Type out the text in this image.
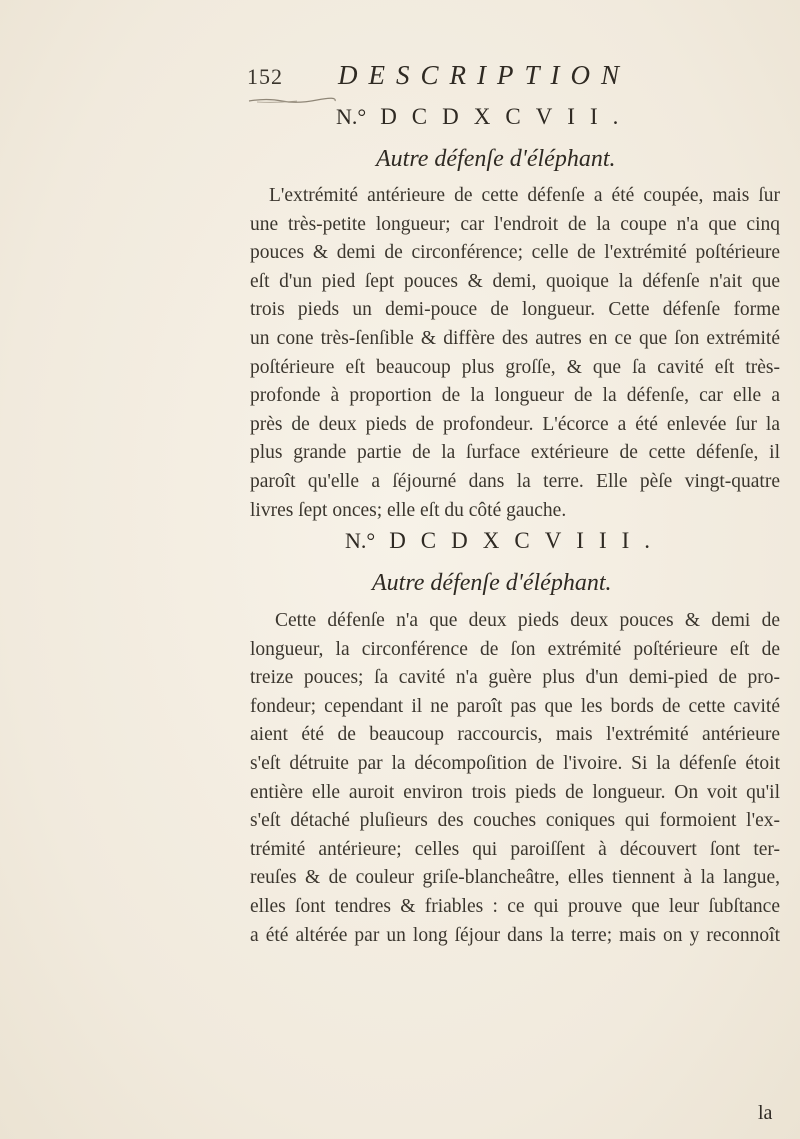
152 DESCRIPTION
N.° DCDXCVII.
Autre défenſe d'éléphant.
L'extrémité antérieure de cette défenſe a été coupée, mais ſur
une très-petite longueur; car l'endroit de la coupe n'a que cinq
pouces & demi de circonférence; celle de l'extrémité poſtérieure
eſt d'un pied ſept pouces & demi, quoique la défenſe n'ait que
trois pieds un demi-pouce de longueur. Cette défenſe forme
un cone très-ſenſible & diffère des autres en ce que ſon extrémité
poſtérieure eſt beaucoup plus groſſe, & que ſa cavité eſt très-
profonde à proportion de la longueur de la défenſe, car elle a
près de deux pieds de profondeur. L'écorce a été enlevée ſur la
plus grande partie de la ſurface extérieure de cette défenſe, il
paroît qu'elle a ſéjourné dans la terre. Elle pèſe vingt-quatre
livres ſept onces; elle eſt du côté gauche.
N.° DCDXCVIII.
Autre défenſe d'éléphant.
Cette défenſe n'a que deux pieds deux pouces & demi de
longueur, la circonférence de ſon extrémité poſtérieure eſt de
treize pouces; ſa cavité n'a guère plus d'un demi-pied de pro-
fondeur; cependant il ne paroît pas que les bords de cette cavité
aient été de beaucoup raccourcis, mais l'extrémité antérieure
s'eſt détruite par la décompoſition de l'ivoire. Si la défenſe étoit
entière elle auroit environ trois pieds de longueur. On voit qu'il
s'eſt détaché pluſieurs des couches coniques qui formoient l'ex-
trémité antérieure; celles qui paroiſſent à découvert ſont ter-
reuſes & de couleur griſe-blancheâtre, elles tiennent à la langue,
elles ſont tendres & friables : ce qui prouve que leur ſubſtance
a été altérée par un long ſéjour dans la terre; mais on y reconnoît
la
